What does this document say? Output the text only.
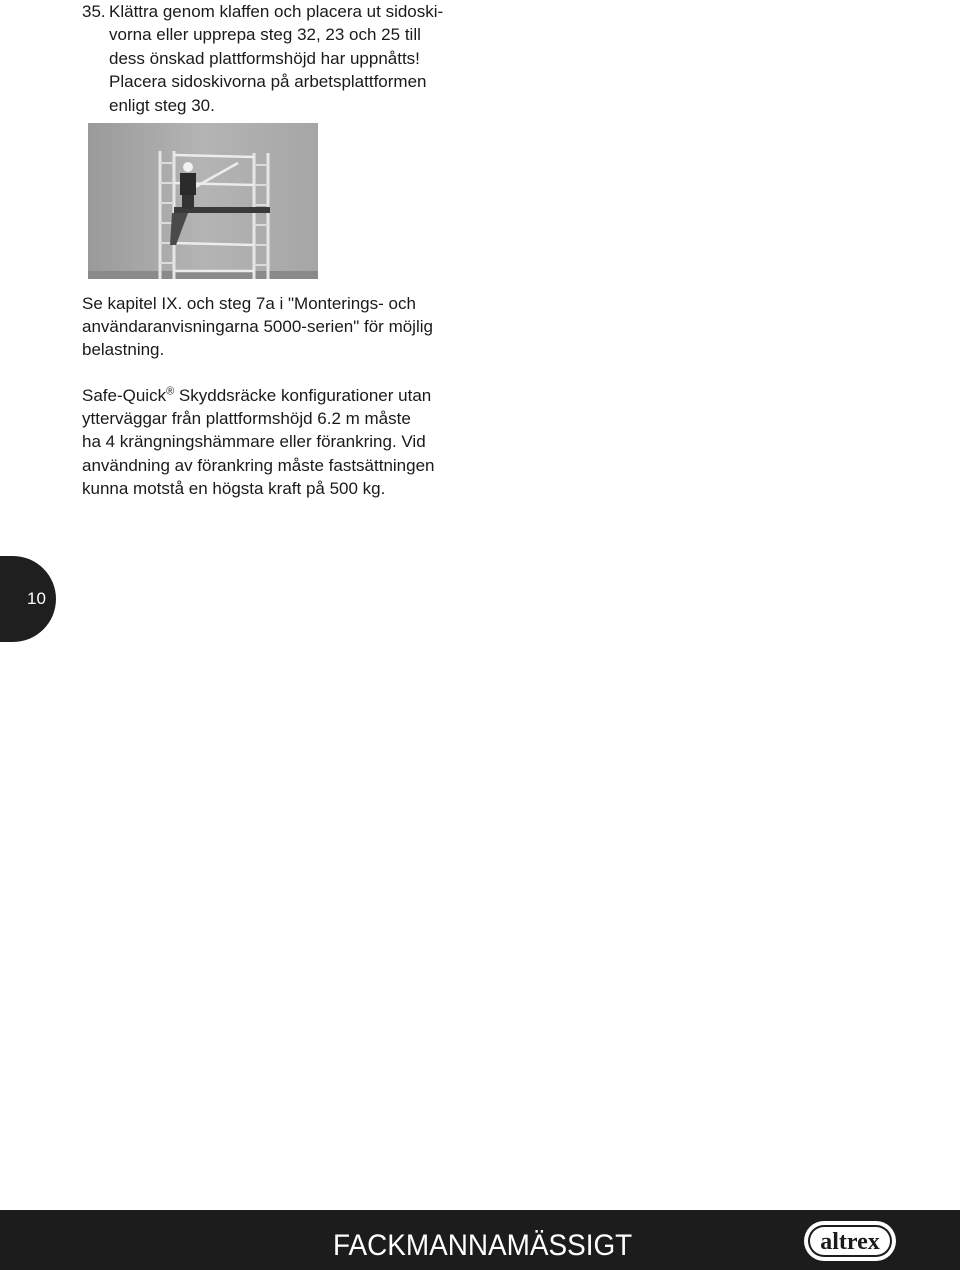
35. Klättra genom klaffen och placera ut sidoski-
vorna eller upprepa steg 32, 23 och 25 till
dess önskad plattformshöjd har uppnåtts!
Placera sidoskivorna på arbetsplattformen
enligt steg 30.

Se kapitel IX. och steg 7a i "Monterings- och
användaranvisningarna 5000-serien" för möjlig
belastning.

Safe-Quick® Skyddsräcke konfigurationer utan
ytterväggar från plattformshöjd 6.2 m måste
ha 4 krängningshämmare eller förankring. Vid
användning av förankring måste fastsättningen
kunna motstå en högsta kraft på 500 kg.

10
FACKMANNAMÄSSIGT	altrex
